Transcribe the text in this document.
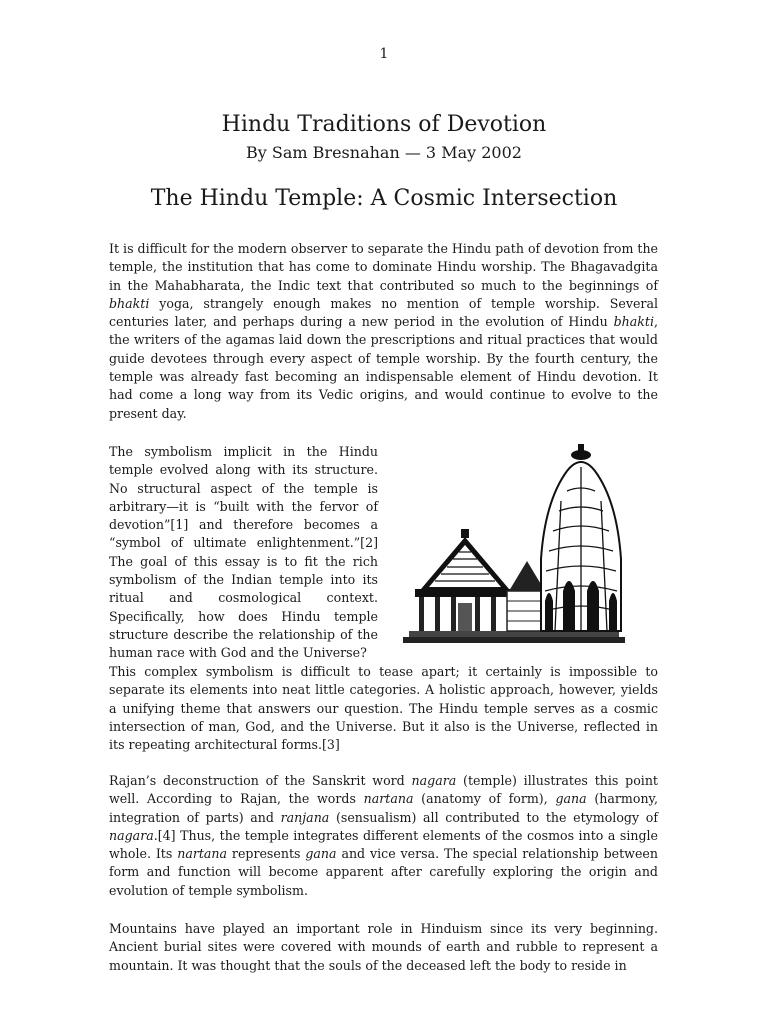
1
Hindu Traditions of Devotion
By Sam Bresnahan — 3 May 2002
The Hindu Temple: A Cosmic Intersection

It is difficult for the modern observer to separate the Hindu path of devotion from the temple, the institution that has come to dominate Hindu worship. The Bhagavadgita in the Mahabharata, the Indic text that contributed so much to the beginnings of bhakti yoga, strangely enough makes no mention of temple worship. Several centuries later, and perhaps during a new period in the evolution of Hindu bhakti, the writers of the agamas laid down the prescriptions and ritual practices that would guide devotees through every aspect of temple worship. By the fourth century, the temple was already fast becoming an indispensable element of Hindu devotion. It had come a long way from its Vedic origins, and would continue to evolve to the present day.

The symbolism implicit in the Hindu temple evolved along with its structure. No structural aspect of the temple is arbitrary—it is “built with the fervor of devotion”[1] and therefore becomes a “symbol of ultimate enlightenment.”[2] The goal of this essay is to fit the rich symbolism of the Indian temple into its ritual and cosmological context. Specifically, how does Hindu temple structure describe the relationship of the human race with God and the Universe?

This complex symbolism is difficult to tease apart; it certainly is impossible to separate its elements into neat little categories. A holistic approach, however, yields a unifying theme that answers our question. The Hindu temple serves as a cosmic intersection of man, God, and the Universe. But it also is the Universe, reflected in its repeating architectural forms.[3]

Rajan’s deconstruction of the Sanskrit word nagara (temple) illustrates this point well. According to Rajan, the words nartana (anatomy of form), gana (harmony, integration of parts) and ranjana (sensualism) all contributed to the etymology of nagara.[4] Thus, the temple integrates different elements of the cosmos into a single whole. Its nartana represents gana and vice versa. The special relationship between form and function will become apparent after carefully exploring the origin and evolution of temple symbolism.

Mountains have played an important role in Hinduism since its very beginning. Ancient burial sites were covered with mounds of earth and rubble to represent a mountain. It was thought that the souls of the deceased left the body to reside in
